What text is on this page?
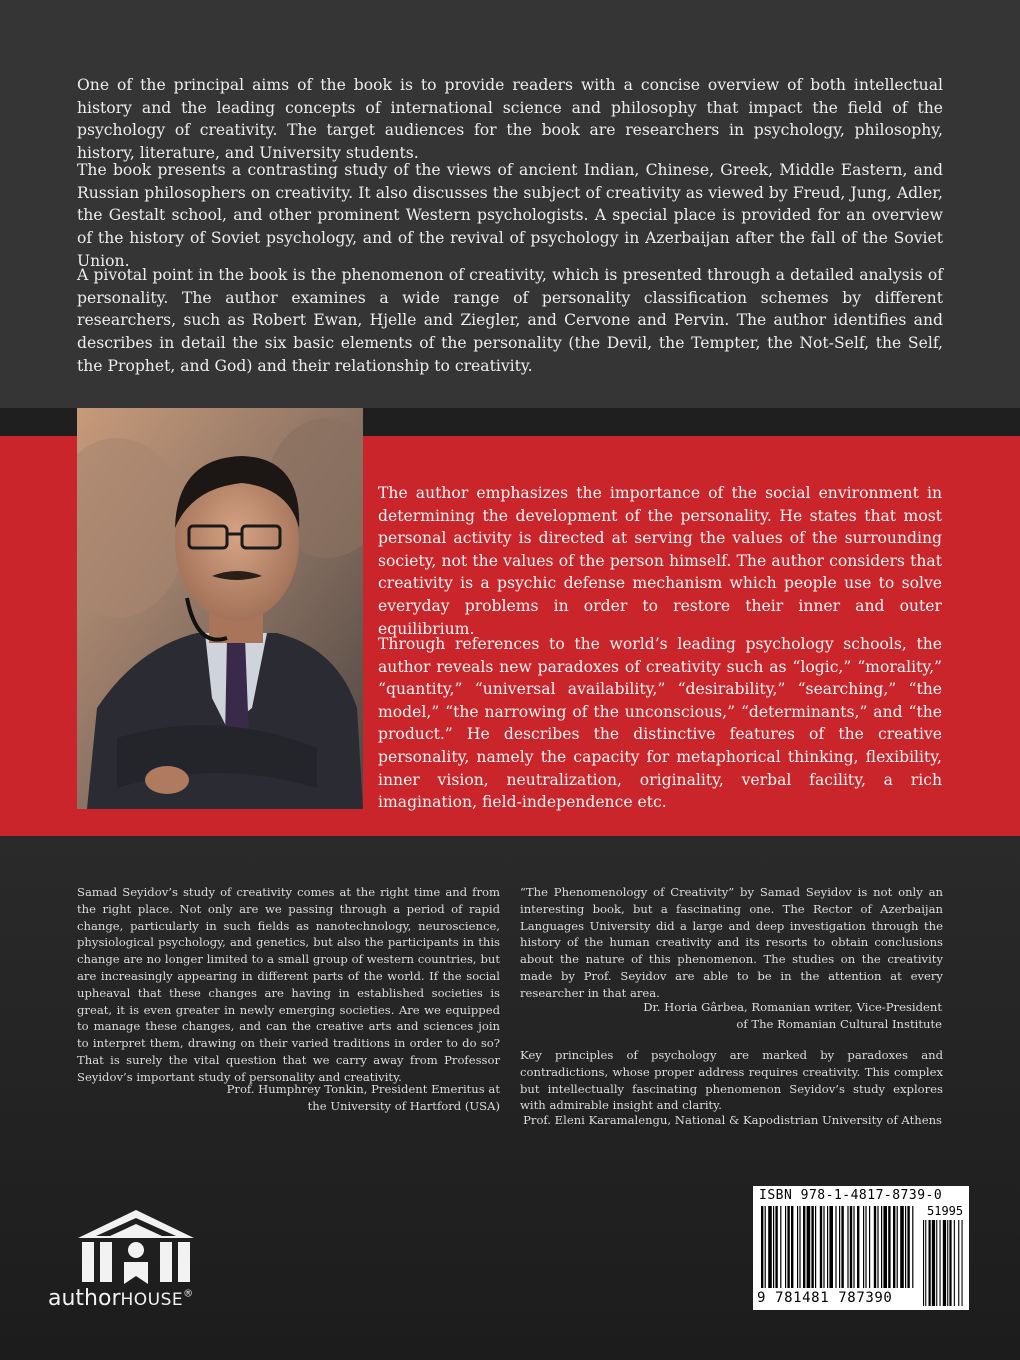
One of the principal aims of the book is to provide readers with a concise overview of both intellectual history and the leading concepts of international science and philosophy that impact the field of the psychology of creativity. The target audiences for the book are researchers in psychology, philosophy, history, literature, and University students.

The book presents a contrasting study of the views of ancient Indian, Chinese, Greek, Middle Eastern, and Russian philosophers on creativity. It also discusses the subject of creativity as viewed by Freud, Jung, Adler, the Gestalt school, and other prominent Western psychologists. A special place is provided for an overview of the history of Soviet psychology, and of the revival of psychology in Azerbaijan after the fall of the Soviet Union.

A pivotal point in the book is the phenomenon of creativity, which is presented through a detailed analysis of personality. The author examines a wide range of personality classification schemes by different researchers, such as Robert Ewan, Hjelle and Ziegler, and Cervone and Pervin. The author identifies and describes in detail the six basic elements of the personality (the Devil, the Tempter, the Not-Self, the Self, the Prophet, and God) and their relationship to creativity.

The author emphasizes the importance of the social environment in determining the development of the personality. He states that most personal activity is directed at serving the values of the surrounding society, not the values of the person himself. The author considers that creativity is a psychic defense mechanism which people use to solve everyday problems in order to restore their inner and outer equilibrium.

Through references to the world’s leading psychology schools, the author reveals new paradoxes of creativity such as “logic,” “morality,” “quantity,” “universal availability,” “desirability,” “searching,” “the model,” “the narrowing of the unconscious,” “determinants,” and “the product.” He describes the distinctive features of the creative personality, namely the capacity for metaphorical thinking, flexibility, inner vision, neutralization, originality, verbal facility, a rich imagination, field-independence etc.

Samad Seyidov’s study of creativity comes at the right time and from the right place. Not only are we passing through a period of rapid change, particularly in such fields as nanotechnology, neuroscience, physiological psychology, and genetics, but also the participants in this change are no longer limited to a small group of western countries, but are increasingly appearing in different parts of the world. If the social upheaval that these changes are having in established societies is great, it is even greater in newly emerging societies. Are we equipped to manage these changes, and can the creative arts and sciences join to interpret them, drawing on their varied traditions in order to do so? That is surely the vital question that we carry away from Professor Seyidov’s important study of personality and creativity.

Prof. Humphrey Tonkin, President Emeritus at

the University of Hartford (USA)

“The Phenomenology of Creativity” by Samad Seyidov is not only an interesting book, but a fascinating one. The Rector of Azerbaijan Languages University did a large and deep investigation through the history of the human creativity and its resorts to obtain conclusions about the nature of this phenomenon. The studies on the creativity made by Prof. Seyidov are able to be in the attention at every researcher in that area.

Dr. Horia Gârbea, Romanian writer, Vice-President

of The Romanian Cultural Institute

Key principles of psychology are marked by paradoxes and contradictions, whose proper address requires creativity. This complex but intellectually fascinating phenomenon Seyidov’s study explores with admirable insight and clarity.

Prof. Eleni Karamalengu, National & Kapodistrian University of Athens

authorHOUSE®
ISBN 978-1-4817-8739-0
51995
9 781481 787390
